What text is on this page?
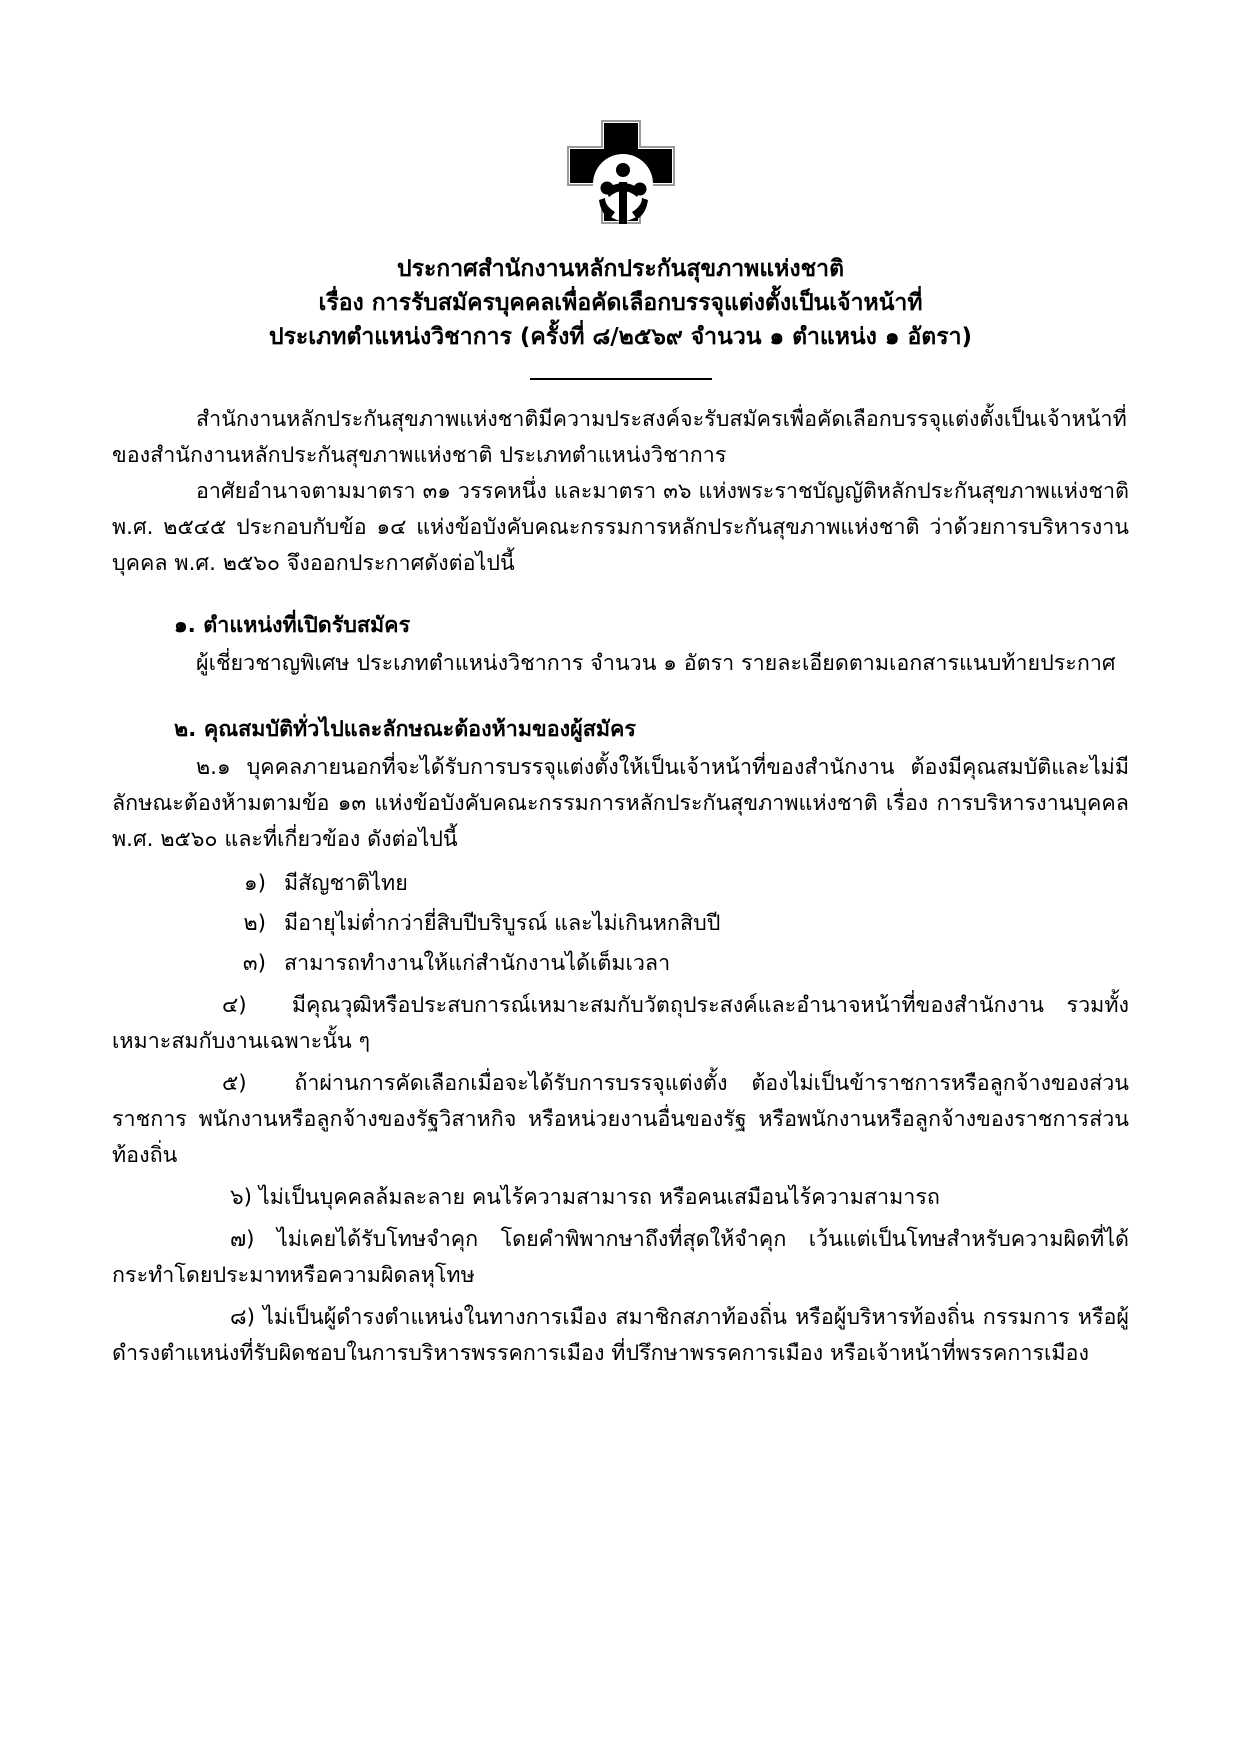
ประกาศสำนักงานหลักประกันสุขภาพแห่งชาติ
เรื่อง การรับสมัครบุคคลเพื่อคัดเลือกบรรจุแต่งตั้งเป็นเจ้าหน้าที่
ประเภทตำแหน่งวิชาการ (ครั้งที่ ๘/๒๕๖๙ จำนวน ๑ ตำแหน่ง ๑ อัตรา)

สำนักงานหลักประกันสุขภาพแห่งชาติมีความประสงค์จะรับสมัครเพื่อคัดเลือกบรรจุแต่งตั้งเป็นเจ้าหน้าที่ของสำนักงานหลักประกันสุขภาพแห่งชาติ ประเภทตำแหน่งวิชาการ

อาศัยอำนาจตามมาตรา ๓๑ วรรคหนึ่ง และมาตรา ๓๖ แห่งพระราชบัญญัติหลักประกันสุขภาพแห่งชาติ พ.ศ. ๒๕๔๕ ประกอบกับข้อ ๑๔ แห่งข้อบังคับคณะกรรมการหลักประกันสุขภาพแห่งชาติ ว่าด้วยการบริหารงานบุคคล พ.ศ. ๒๕๖๐ จึงออกประกาศดังต่อไปนี้

๑. ตำแหน่งที่เปิดรับสมัคร
ผู้เชี่ยวชาญพิเศษ ประเภทตำแหน่งวิชาการ จำนวน ๑ อัตรา รายละเอียดตามเอกสารแนบท้ายประกาศ
๒. คุณสมบัติทั่วไปและลักษณะต้องห้ามของผู้สมัคร

๒.๑ บุคคลภายนอกที่จะได้รับการบรรจุแต่งตั้งให้เป็นเจ้าหน้าที่ของสำนักงาน ต้องมีคุณสมบัติและไม่มีลักษณะต้องห้ามตามข้อ ๑๓ แห่งข้อบังคับคณะกรรมการหลักประกันสุขภาพแห่งชาติ เรื่อง การบริหารงานบุคคล พ.ศ. ๒๕๖๐ และที่เกี่ยวข้อง ดังต่อไปนี้

๑) มีสัญชาติไทย
๒) มีอายุไม่ต่ำกว่ายี่สิบปีบริบูรณ์ และไม่เกินหกสิบปี
๓) สามารถทำงานให้แก่สำนักงานได้เต็มเวลา

๔) มีคุณวุฒิหรือประสบการณ์เหมาะสมกับวัตถุประสงค์และอำนาจหน้าที่ของสำนักงาน รวมทั้งเหมาะสมกับงานเฉพาะนั้น ๆ

๕) ถ้าผ่านการคัดเลือกเมื่อจะได้รับการบรรจุแต่งตั้ง ต้องไม่เป็นข้าราชการหรือลูกจ้างของส่วนราชการ พนักงานหรือลูกจ้างของรัฐวิสาหกิจ หรือหน่วยงานอื่นของรัฐ หรือพนักงานหรือลูกจ้างของราชการส่วนท้องถิ่น

๖) ไม่เป็นบุคคลล้มละลาย คนไร้ความสามารถ หรือคนเสมือนไร้ความสามารถ

๗) ไม่เคยได้รับโทษจำคุก โดยคำพิพากษาถึงที่สุดให้จำคุก เว้นแต่เป็นโทษสำหรับความผิดที่ได้กระทำโดยประมาทหรือความผิดลหุโทษ

๘) ไม่เป็นผู้ดำรงตำแหน่งในทางการเมือง สมาชิกสภาท้องถิ่น หรือผู้บริหารท้องถิ่น กรรมการ หรือผู้ดำรงตำแหน่งที่รับผิดชอบในการบริหารพรรคการเมือง ที่ปรึกษาพรรคการเมือง หรือเจ้าหน้าที่พรรคการเมือง
